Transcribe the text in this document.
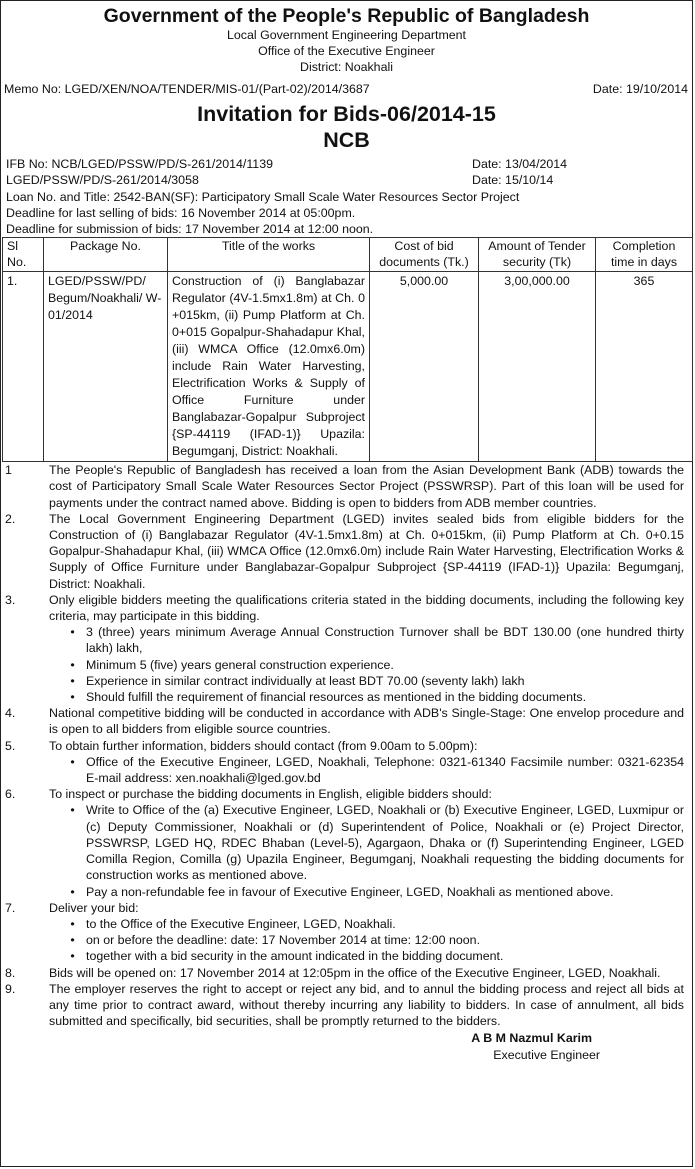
Government of the People's Republic of Bangladesh
Local Government Engineering Department
Office of the Executive Engineer
District: Noakhali
Memo No: LGED/XEN/NOA/TENDER/MIS-01/(Part-02)/2014/3687	Date: 19/10/2014
Invitation for Bids-06/2014-15
NCB
IFB No: NCB/LGED/PSSW/PD/S-261/2014/1139	Date: 13/04/2014
LGED/PSSW/PD/S-261/2014/3058	Date: 15/10/14
Loan No. and Title: 2542-BAN(SF): Participatory Small Scale Water Resources Sector Project
Deadline for last selling of bids: 16 November 2014 at 05:00pm.
Deadline for submission of bids: 17 November 2014 at 12:00 noon.
Sl No.	Package No.	Title of the works	Cost of bid documents (Tk.)	Amount of Tender security (Tk)	Completion time in days
1.	LGED/PSSW/PD/ Begum/Noakhali/ W-01/2014	Construction of (i) Banglabazar Regulator (4V-1.5mx1.8m) at Ch. 0 +015km, (ii) Pump Platform at Ch. 0+015 Gopalpur-Shahadapur Khal, (iii) WMCA Office (12.0mx6.0m) include Rain Water Harvesting, Electrification Works & Supply of Office Furniture under Banglabazar-Gopalpur Subproject {SP-44119 (IFAD-1)} Upazila: Begumganj, District: Noakhali.	5,000.00	3,00,000.00	365
1	The People's Republic of Bangladesh has received a loan from the Asian Development Bank (ADB) towards the cost of Participatory Small Scale Water Resources Sector Project (PSSWRSP). Part of this loan will be used for payments under the contract named above. Bidding is open to bidders from ADB member countries.
2.	The Local Government Engineering Department (LGED) invites sealed bids from eligible bidders for the Construction of (i) Banglabazar Regulator (4V-1.5mx1.8m) at Ch. 0+015km, (ii) Pump Platform at Ch. 0+0.15 Gopalpur-Shahadapur Khal, (iii) WMCA Office (12.0mx6.0m) include Rain Water Harvesting, Electrification Works & Supply of Office Furniture under Banglabazar-Gopalpur Subproject {SP-44119 (IFAD-1)} Upazila: Begumganj, District: Noakhali.
3.	Only eligible bidders meeting the qualifications criteria stated in the bidding documents, including the following key criteria, may participate in this bidding.
• 3 (three) years minimum Average Annual Construction Turnover shall be BDT 130.00 (one hundred thirty lakh) lakh,
• Minimum 5 (five) years general construction experience.
• Experience in similar contract individually at least BDT 70.00 (seventy lakh) lakh
• Should fulfill the requirement of financial resources as mentioned in the bidding documents.
4.	National competitive bidding will be conducted in accordance with ADB's Single-Stage: One envelop procedure and is open to all bidders from eligible source countries.
5.	To obtain further information, bidders should contact (from 9.00am to 5.00pm):
• Office of the Executive Engineer, LGED, Noakhali, Telephone: 0321-61340 Facsimile number: 0321-62354 E-mail address: xen.noakhali@lged.gov.bd
6.	To inspect or purchase the bidding documents in English, eligible bidders should:
• Write to Office of the (a) Executive Engineer, LGED, Noakhali or (b) Executive Engineer, LGED, Luxmipur or (c) Deputy Commissioner, Noakhali or (d) Superintendent of Police, Noakhali or (e) Project Director, PSSWRSP, LGED HQ, RDEC Bhaban (Level-5), Agargaon, Dhaka or (f) Superintending Engineer, LGED Comilla Region, Comilla (g) Upazila Engineer, Begumganj, Noakhali requesting the bidding documents for construction works as mentioned above.
• Pay a non-refundable fee in favour of Executive Engineer, LGED, Noakhali as mentioned above.
7.	Deliver your bid:
• to the Office of the Executive Engineer, LGED, Noakhali.
• on or before the deadline: date: 17 November 2014 at time: 12:00 noon.
• together with a bid security in the amount indicated in the bidding document.
8.	Bids will be opened on: 17 November 2014 at 12:05pm in the office of the Executive Engineer, LGED, Noakhali.
9.	The employer reserves the right to accept or reject any bid, and to annul the bidding process and reject all bids at any time prior to contract award, without thereby incurring any liability to bidders. In case of annulment, all bids submitted and specifically, bid securities, shall be promptly returned to the bidders.
A B M Nazmul Karim
Executive Engineer
